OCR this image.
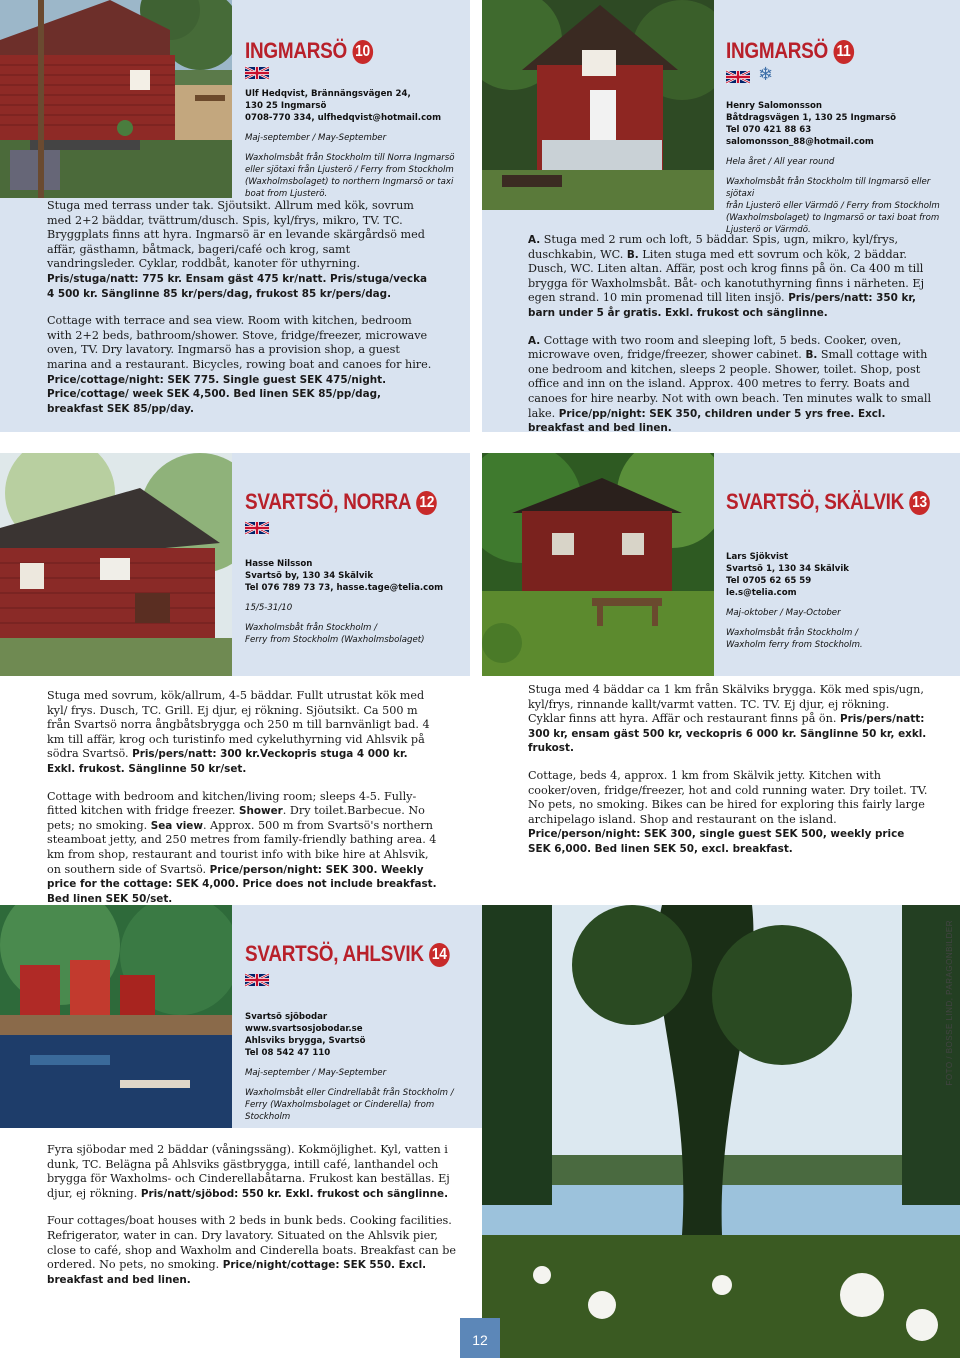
INGMARSÖ 10
Ulf Hedqvist, Brännängsvägen 24,
130 25 Ingmarsö
0708-770 334, ulfhedqvist@hotmail.com
Maj-september / May-September
Waxholmsbåt från Stockholm till Norra Ingmarsö
eller sjötaxi från Ljusterö / Ferry from Stockholm
(Waxholmsbolaget) to northern Ingmarsö or taxi
boat from Ljusterö.

Stuga med terrass under tak. Sjöutsikt. Allrum med kök, sovrum med 2+2 bäddar, tvättrum/dusch. Spis, kyl/frys, mikro, TV. TC. Bryggplats finns att hyra. Ingmarsö är en levande skärgårdsö med affär, gästhamn, båtmack, bageri/café och krog, samt vandringsleder. Cyklar, roddbåt, kanoter för uthyrning.
Pris/stuga/natt: 775 kr. Ensam gäst 475 kr/natt. Pris/stuga/vecka 4 500 kr. Sänglinne 85 kr/pers/dag, frukost 85 kr/pers/dag.

Cottage with terrace and sea view. Room with kitchen, bedroom with 2+2 beds, bathroom/shower. Stove, fridge/freezer, microwave oven, TV. Dry lavatory. Ingmarsö has a provision shop, a guest marina and a restaurant. Bicycles, rowing boat and canoes for hire.
Price/cottage/night: SEK 775. Single guest SEK 475/night. Price/cottage/ week SEK 4,500. Bed linen SEK 85/pp/dag, breakfast SEK 85/pp/day.

INGMARSÖ 11
❄
Henry Salomonsson
Båtdragsvägen 1, 130 25 Ingmarsö
Tel 070 421 88 63
salomonsson_88@hotmail.com
Hela året / All year round
Waxholmsbåt från Stockholm till Ingmarsö eller sjötaxi
från Ljusterö eller Värmdö / Ferry from Stockholm
(Waxholmsbolaget) to Ingmarsö or taxi boat from
Ljusterö or Värmdö.

A. Stuga med 2 rum och loft, 5 bäddar. Spis, ugn, mikro, kyl/frys, duschkabin, WC. B. Liten stuga med ett sovrum och kök, 2 bäddar. Dusch, WC. Liten altan. Affär, post och krog finns på ön. Ca 400 m till brygga för Waxholmsbåt. Båt- och kanotuthyrning finns i närheten. Ej egen strand. 10 min promenad till liten insjö. Pris/pers/natt: 350 kr, barn under 5 år gratis. Exkl. frukost och sänglinne.

A. Cottage with two room and sleeping loft, 5 beds. Cooker, oven, microwave oven, fridge/freezer, shower cabinet. B. Small cottage with one bedroom and kitchen, sleeps 2 people. Shower, toilet. Shop, post office and inn on the island. Approx. 400 metres to ferry. Boats and canoes for hire nearby. Not with own beach. Ten minutes walk to small lake. Price/pp/night: SEK 350, children under 5 yrs free. Excl. breakfast and bed linen.

SVARTSÖ, NORRA 12
Hasse Nilsson
Svartsö by, 130 34 Skälvik
Tel 076 789 73 73, hasse.tage@telia.com
15/5-31/10
Waxholmsbåt från Stockholm /
Ferry from Stockholm (Waxholmsbolaget)

Stuga med sovrum, kök/allrum, 4-5 bäddar. Fullt utrustat kök med kyl/ frys. Dusch, TC. Grill. Ej djur, ej rökning. Sjöutsikt. Ca 500 m från Svartsö norra ångbåtsbrygga och 250 m till barnvänligt bad. 4 km till affär, krog och turistinfo med cykeluthyrning vid Ahlsvik på södra Svartsö. Pris/pers/natt: 300 kr.Veckopris stuga 4 000 kr. Exkl. frukost. Sänglinne 50 kr/set.

Cottage with bedroom and kitchen/living room; sleeps 4-5. Fully-fitted kitchen with fridge freezer. Shower. Dry toilet.Barbecue. No pets; no smoking. Sea view. Approx. 500 m from Svartsö's northern steamboat jetty, and 250 metres from family-friendly bathing area. 4 km from shop, restaurant and tourist info with bike hire at Ahlsvik, on southern side of Svartsö. Price/person/night: SEK 300. Weekly price for the cottage: SEK 4,000. Price does not include breakfast. Bed linen SEK 50/set.

SVARTSÖ, SKÄLVIK 13
Lars Sjökvist
Svartsö 1, 130 34 Skälvik
Tel 0705 62 65 59
le.s@telia.com
Maj-oktober / May-October
Waxholmsbåt från Stockholm /
Waxholm ferry from Stockholm.

Stuga med 4 bäddar ca 1 km från Skälviks brygga. Kök med spis/ugn, kyl/frys, rinnande kallt/varmt vatten. TC. TV. Ej djur, ej rökning. Cyklar finns att hyra. Affär och restaurant finns på ön. Pris/pers/natt: 300 kr, ensam gäst 500 kr, veckopris 6 000 kr. Sänglinne 50 kr, exkl. frukost.

Cottage, beds 4, approx. 1 km from Skälvik jetty. Kitchen with cooker/oven, fridge/freezer, hot and cold running water. Dry toilet. TV. No pets, no smoking. Bikes can be hired for exploring this fairly large archipelago island. Shop and restaurant on the island. Price/person/night: SEK 300, single guest SEK 500, weekly price SEK 6,000. Bed linen SEK 50, excl. breakfast.

FOTO / BOSSE LIND, PARAGONBILDER
SVARTSÖ, AHLSVIK 14
Svartsö sjöbodar
www.svartsosjobodar.se
Ahlsviks brygga, Svartsö
Tel 08 542 47 110
Maj-september / May-September
Waxholmsbåt eller Cindrellabåt från Stockholm /
Ferry (Waxholmsbolaget or Cinderella) from Stockholm

Fyra sjöbodar med 2 bäddar (våningssäng). Kokmöjlighet. Kyl, vatten i dunk, TC. Belägna på Ahlsviks gästbrygga, intill café, lanthandel och brygga för Waxholms- och Cinderellabåtarna. Frukost kan beställas. Ej djur, ej rökning. Pris/natt/sjöbod: 550 kr. Exkl. frukost och sänglinne.

Four cottages/boat houses with 2 beds in bunk beds. Cooking facilities. Refrigerator, water in can. Dry lavatory. Situated on the Ahlsvik pier, close to café, shop and Waxholm and Cinderella boats. Breakfast can be ordered. No pets, no smoking. Price/night/cottage: SEK 550. Excl. breakfast and bed linen.

12
